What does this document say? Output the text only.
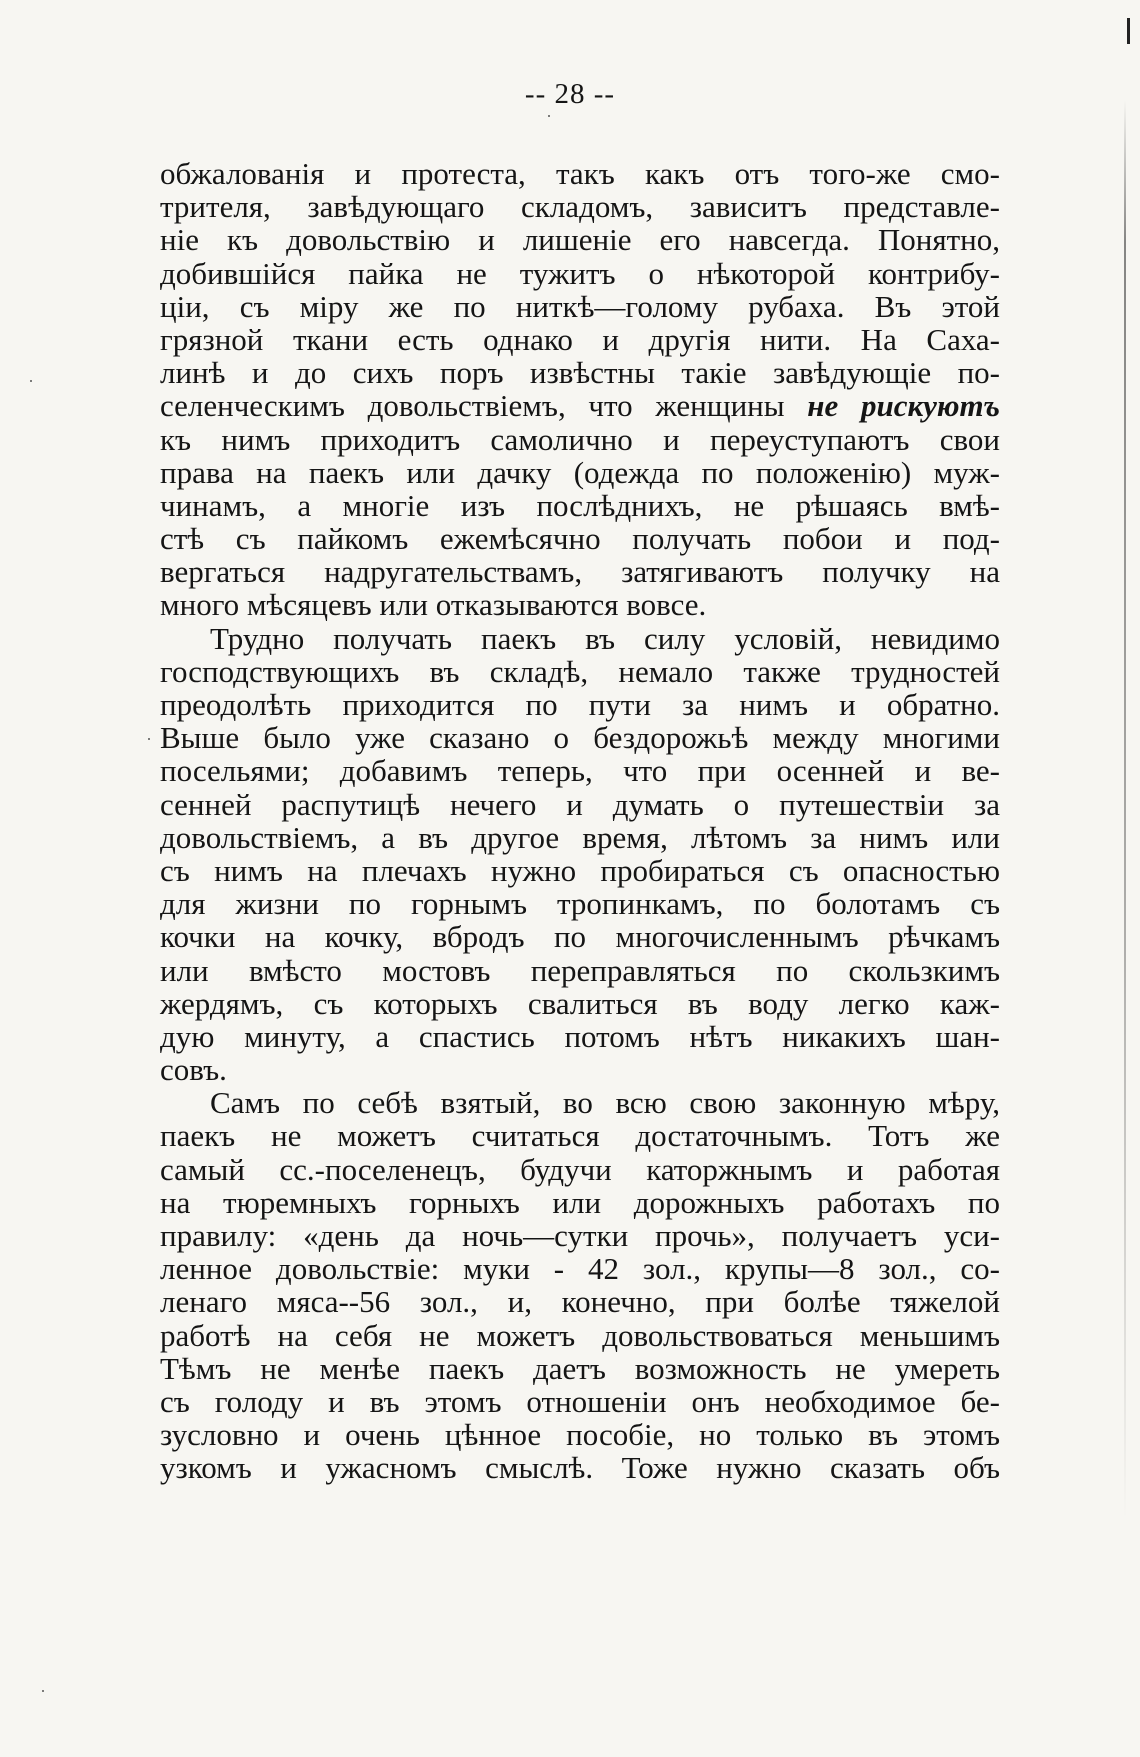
-- 28 --
обжалованія и протеста, такъ какъ отъ того-же смо-
трителя, завѣдующаго складомъ, зависитъ представле-
ніе къ довольствію и лишеніе его навсегда. Понятно,
добившійся пайка не тужитъ о нѣкоторой контрибу-
ціи, съ міру же по ниткѣ—голому рубаха. Въ этой
грязной ткани есть однако и другія нити. На Саха-
линѣ и до сихъ поръ извѣстны такіе завѣдующіе по-
селенческимъ довольствіемъ, что женщины не рискуютъ
къ нимъ приходитъ самолично и переуступаютъ свои
права на паекъ или дачку (одежда по положенію) муж-
чинамъ, а многіе изъ послѣднихъ, не рѣшаясь вмѣ-
стѣ съ пайкомъ ежемѣсячно получать побои и под-
вергаться надругательствамъ, затягиваютъ получку на
много мѣсяцевъ или отказываются вовсе.
Трудно получать паекъ въ силу условій, невидимо
господствующихъ въ складѣ, немало также трудностей
преодолѣть приходится по пути за нимъ и обратно.
Выше было уже сказано о бездорожьѣ между многими
посельями; добавимъ теперь, что при осенней и ве-
сенней распутицѣ нечего и думать о путешествіи за
довольствіемъ, а въ другое время, лѣтомъ за нимъ или
съ нимъ на плечахъ нужно пробираться съ опасностью
для жизни по горнымъ тропинкамъ, по болотамъ съ
кочки на кочку, вбродъ по многочисленнымъ рѣчкамъ
или вмѣсто мостовъ переправляться по скользкимъ
жердямъ, съ которыхъ свалиться въ воду легко каж-
дую минуту, а спастись потомъ нѣтъ никакихъ шан-
совъ.
Самъ по себѣ взятый, во всю свою законную мѣру,
паекъ не можетъ считаться достаточнымъ. Тотъ же
самый сс.-поселенецъ, будучи каторжнымъ и работая
на тюремныхъ горныхъ или дорожныхъ работахъ по
правилу: «день да ночь—сутки прочь», получаетъ уси-
ленное довольствіе: муки - 42 зол., крупы—8 зол., со-
ленаго мяса--56 зол., и, конечно, при болѣе тяжелой
работѣ на себя не можетъ довольствоваться меньшимъ
Тѣмъ не менѣе паекъ даетъ возможность не умереть
съ голоду и въ этомъ отношеніи онъ необходимое бе-
зусловно и очень цѣнное пособіе, но только въ этомъ
узкомъ и ужасномъ смыслѣ. Тоже нужно сказать объ
